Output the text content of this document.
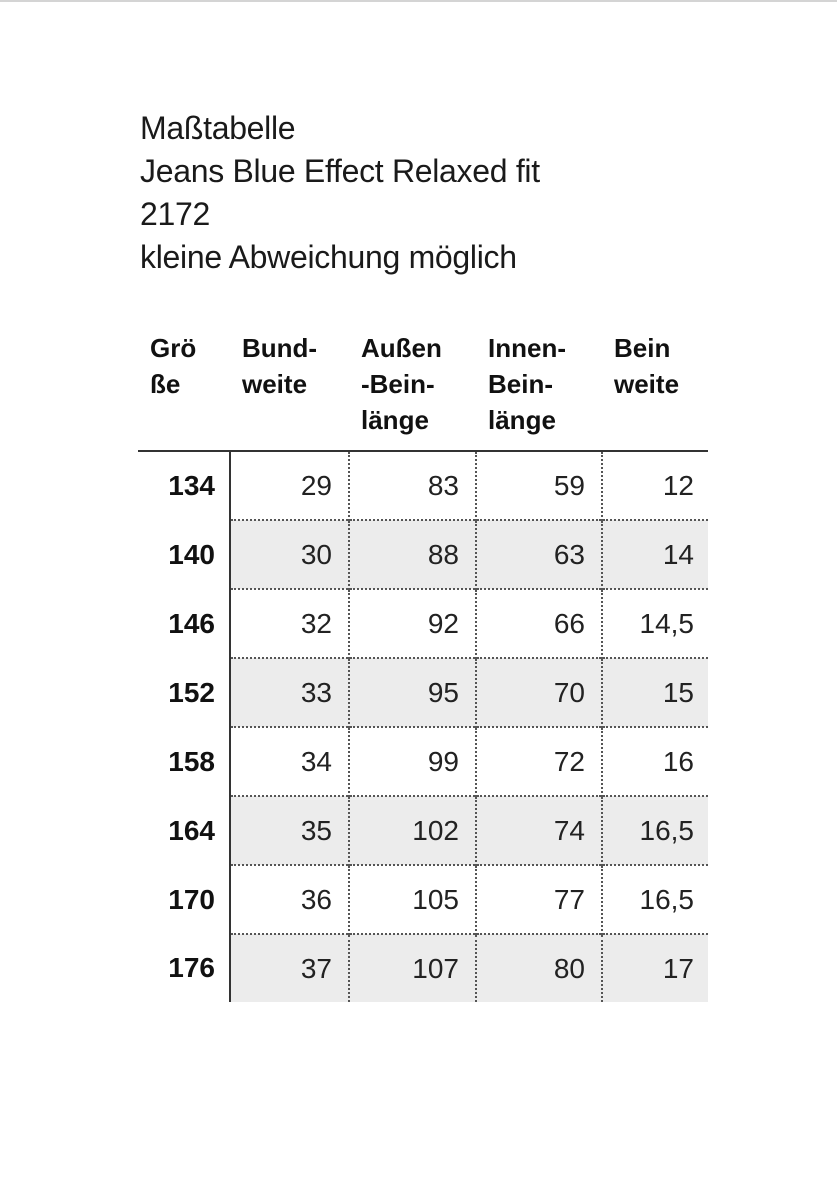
Maßtabelle
Jeans Blue Effect Relaxed fit
2172
kleine Abweichung möglich
Grö
ße	Bund-
weite	Außen
-Bein-
länge	Innen-
Bein-
länge	Bein
weite

134	29	83	59	12
140	30	88	63	14
146	32	92	66	14,5
152	33	95	70	15
158	34	99	72	16
164	35	102	74	16,5
170	36	105	77	16,5
176	37	107	80	17
